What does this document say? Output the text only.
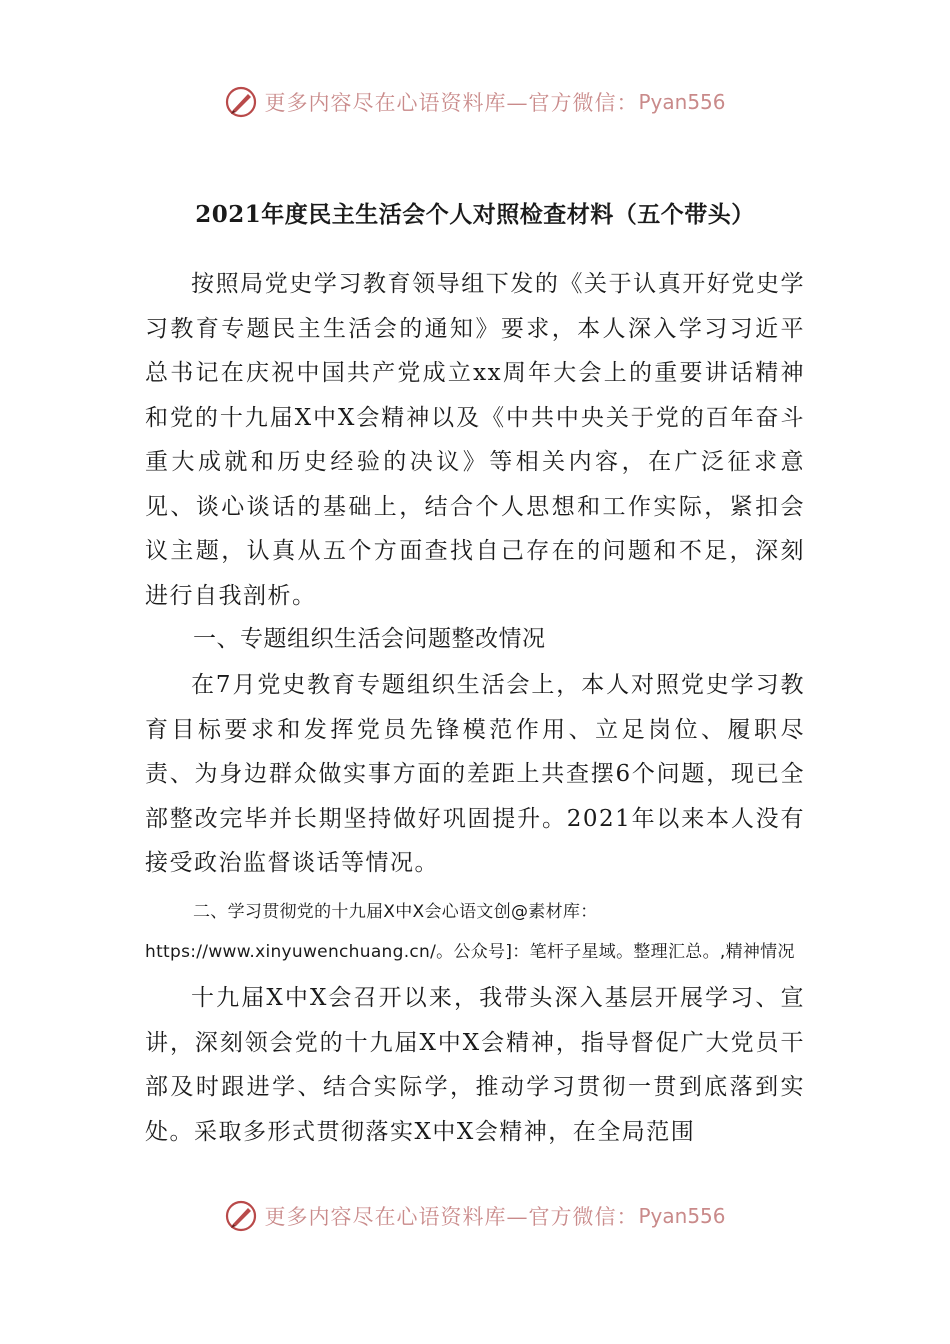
更多内容尽在心语资料库—官方微信： Pyan556
2021年度民主生活会个人对照检查材料（五个带头）

按照局党史学习教育领导组下发的《关于认真开好党史学习教育专题民主生活会的通知》要求，本人深入学习习近平总书记在庆祝中国共产党成立xx周年大会上的重要讲话精神和党的十九届X中X会精神以及《中共中央关于党的百年奋斗重大成就和历史经验的决议》等相关内容，在广泛征求意见、谈心谈话的基础上，结合个人思想和工作实际，紧扣会议主题，认真从五个方面查找自己存在的问题和不足，深刻进行自我剖析。

一、专题组织生活会问题整改情况

在7月党史教育专题组织生活会上，本人对照党史学习教育目标要求和发挥党员先锋模范作用、立足岗位、履职尽责、为身边群众做实事方面的差距上共查摆6个问题，现已全部整改完毕并长期坚持做好巩固提升。2021年以来本人没有接受政治监督谈话等情况。

二、学习贯彻党的十九届X中X会心语文创@素材库： https://www.xinyuwenchuang.cn/。公众号]：笔杆子星域。整理汇总。,精神情况

十九届X中X会召开以来，我带头深入基层开展学习、宣讲，深刻领会党的十九届X中X会精神，指导督促广大党员干部及时跟进学、结合实际学，推动学习贯彻一贯到底落到实处。采取多形式贯彻落实X中X会精神，在全局范围

更多内容尽在心语资料库—官方微信： Pyan556
